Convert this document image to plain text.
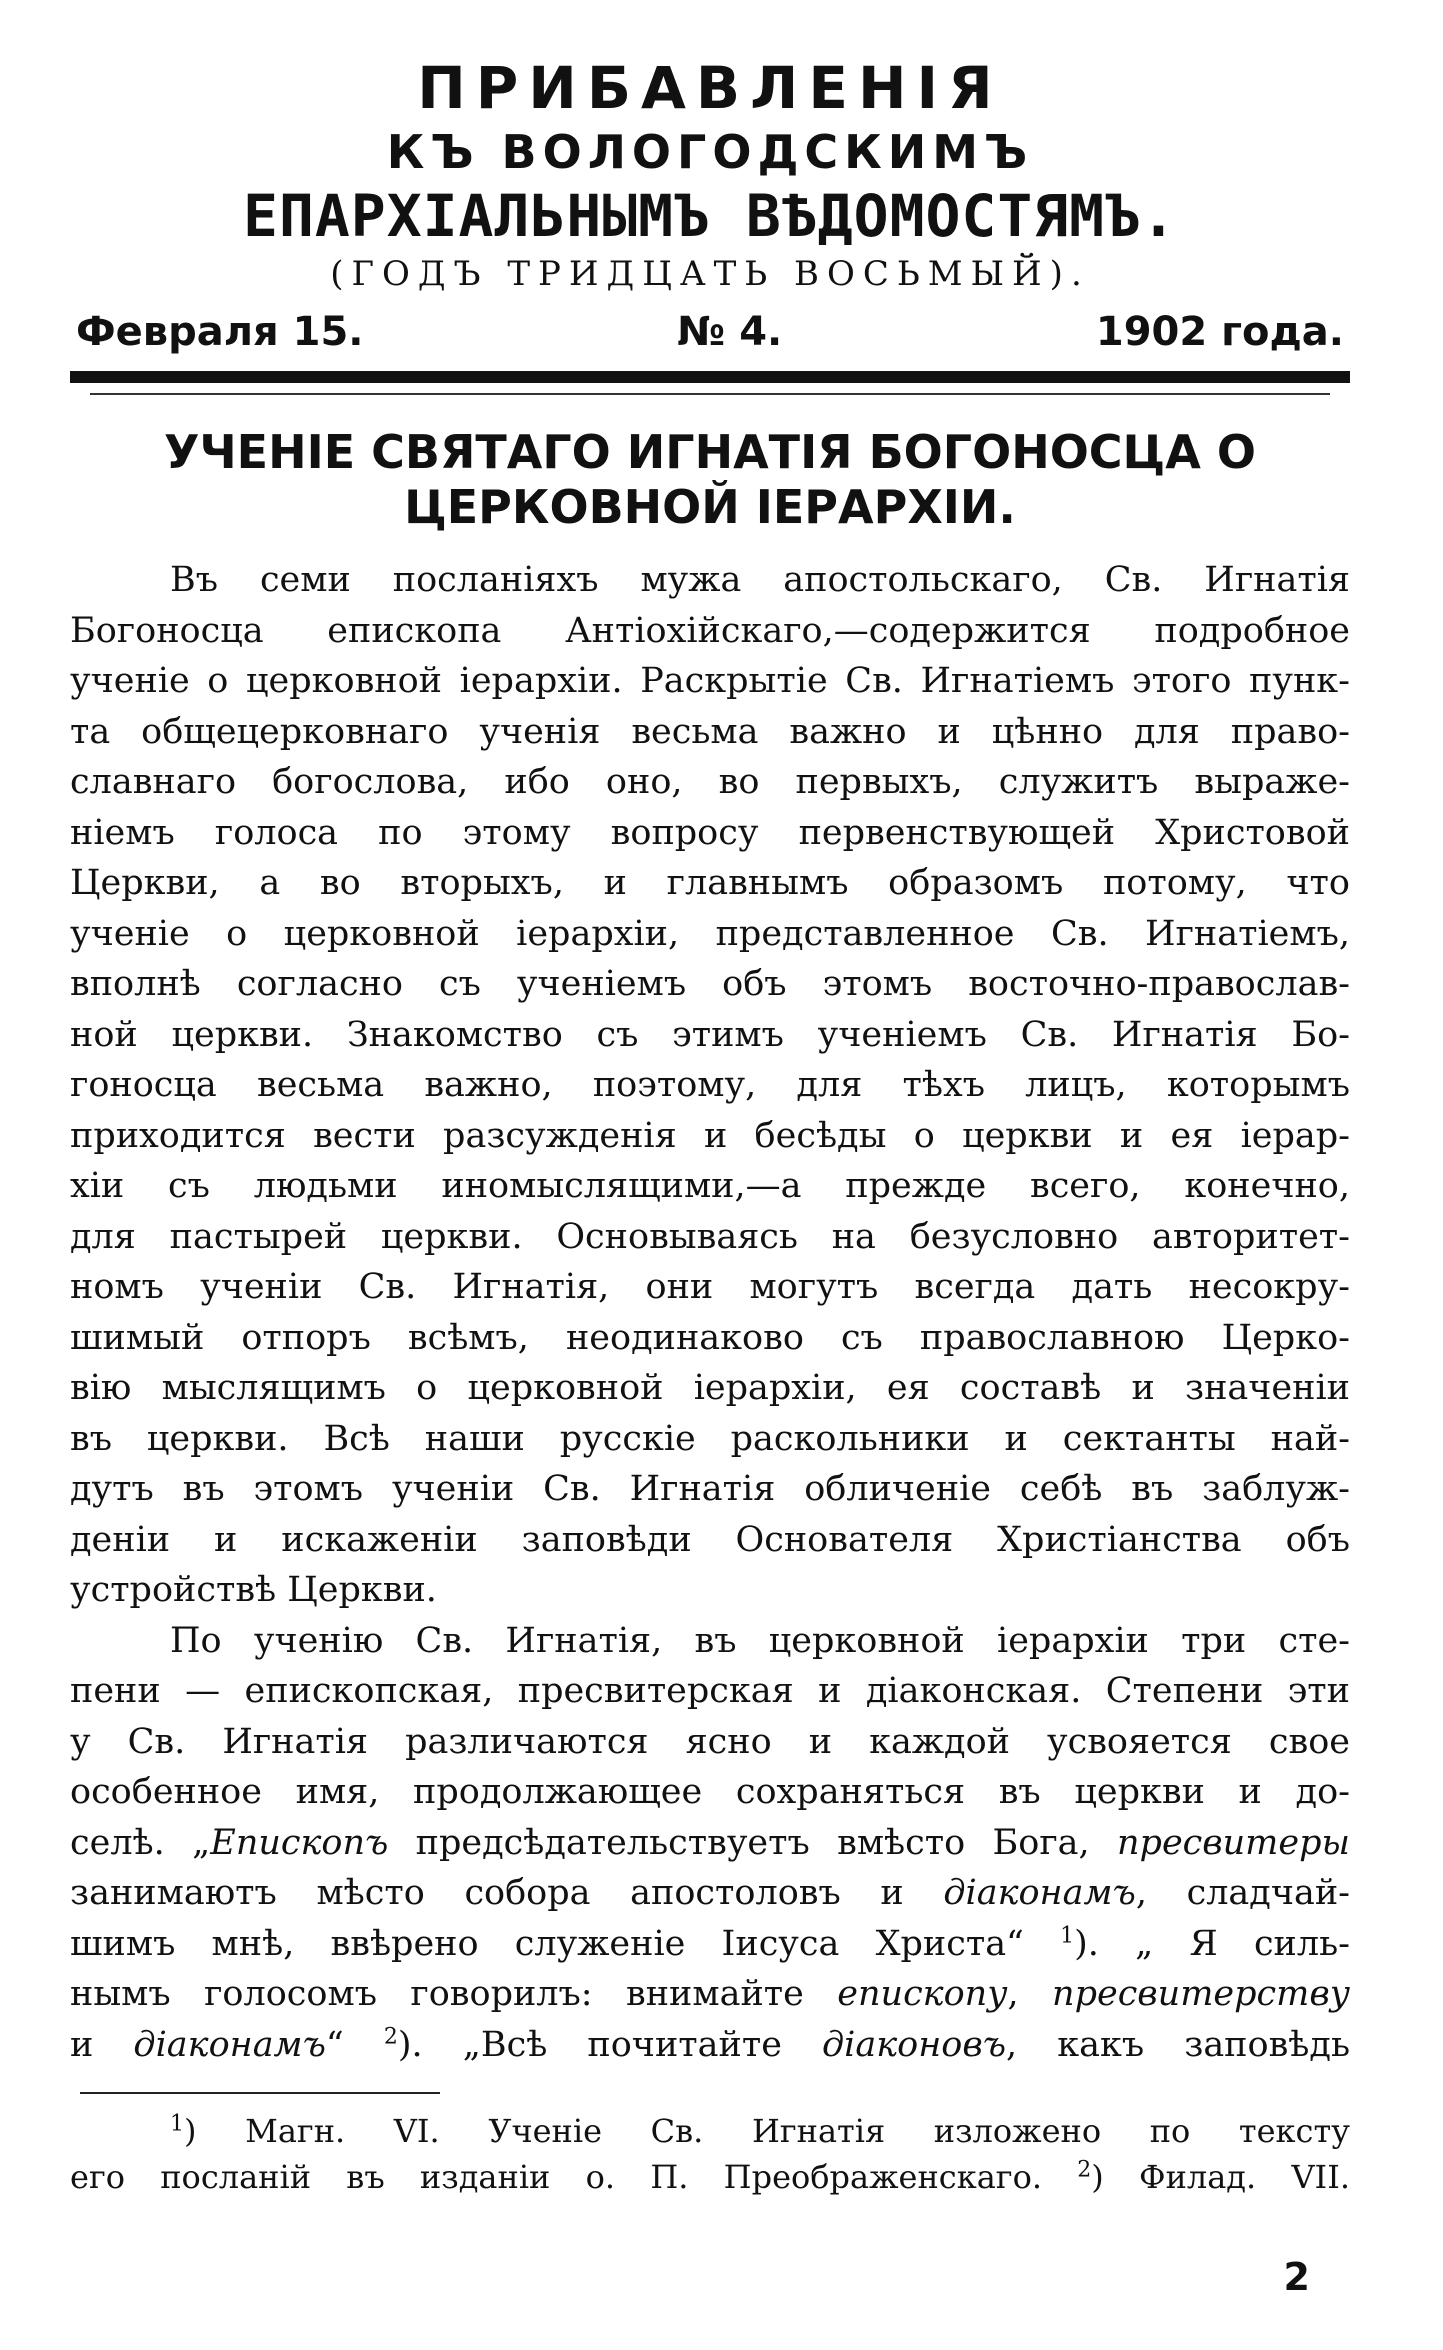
ПРИБАВЛЕНІЯ
КЪ ВОЛОГОДСКИМЪ
ЕПАРХІАЛЬНЫМЪ ВѢДОМОСТЯМЪ.
(ГОДЪ ТРИДЦАТЬ ВОСЬМЫЙ).
Февраля 15.	№ 4.	1902 года.
УЧЕНІЕ СВЯТАГО ИГНАТІЯ БОГОНОСЦА О ЦЕРКОВНОЙ ІЕРАРХІИ.
Въ семи посланіяхъ мужа апостольскаго, Св. Игнатія
Богоносца епископа Антіохійскаго,—содержится подробное
ученіе о церковной іерархіи. Раскрытіе Св. Игнатіемъ этого пунк-
та общецерковнаго ученія весьма важно и цѣнно для право-
славнаго богослова, ибо оно, во первыхъ, служитъ выраже-
ніемъ голоса по этому вопросу первенствующей Христовой
Церкви, а во вторыхъ, и главнымъ образомъ потому, что
ученіе о церковной іерархіи, представленное Св. Игнатіемъ,
вполнѣ согласно съ ученіемъ объ этомъ восточно-православ-
ной церкви. Знакомство съ этимъ ученіемъ Св. Игнатія Бо-
гоносца весьма важно, поэтому, для тѣхъ лицъ, которымъ
приходится вести разсужденія и бесѣды о церкви и ея іерар-
хіи съ людьми иномыслящими,—а прежде всего, конечно,
для пастырей церкви. Основываясь на безусловно авторитет-
номъ ученіи Св. Игнатія, они могутъ всегда дать несокру-
шимый отпоръ всѣмъ, неодинаково съ православною Церко-
вію мыслящимъ о церковной іерархіи, ея составѣ и значеніи
въ церкви. Всѣ наши русскіе раскольники и сектанты най-
дутъ въ этомъ ученіи Св. Игнатія обличеніе себѣ въ заблуж-
деніи и искаженіи заповѣди Основателя Христіанства объ
устройствѣ Церкви.
По ученію Св. Игнатія, въ церковной іерархіи три сте-
пени — епископская, пресвитерская и діаконская. Степени эти
у Св. Игнатія различаются ясно и каждой усвояется свое
особенное имя, продолжающее сохраняться въ церкви и до-
селѣ. „Епископъ предсѣдательствуетъ вмѣсто Бога, пресвитеры
занимаютъ мѣсто собора апостоловъ и діаконамъ, сладчай-
шимъ мнѣ, ввѣрено служеніе Іисуса Христа“ $^1$). „ Я силь-
нымъ голосомъ говорилъ: внимайте епископу, пресвитерству
и діаконамъ“ $^2$). „Всѣ почитайте діаконовъ, какъ заповѣдь
$^1$) Магн. VI. Ученіе Св. Игнатія изложено по тексту
его посланій въ изданіи о. П. Преображенскаго. $^2$) Филад. VII.
2
